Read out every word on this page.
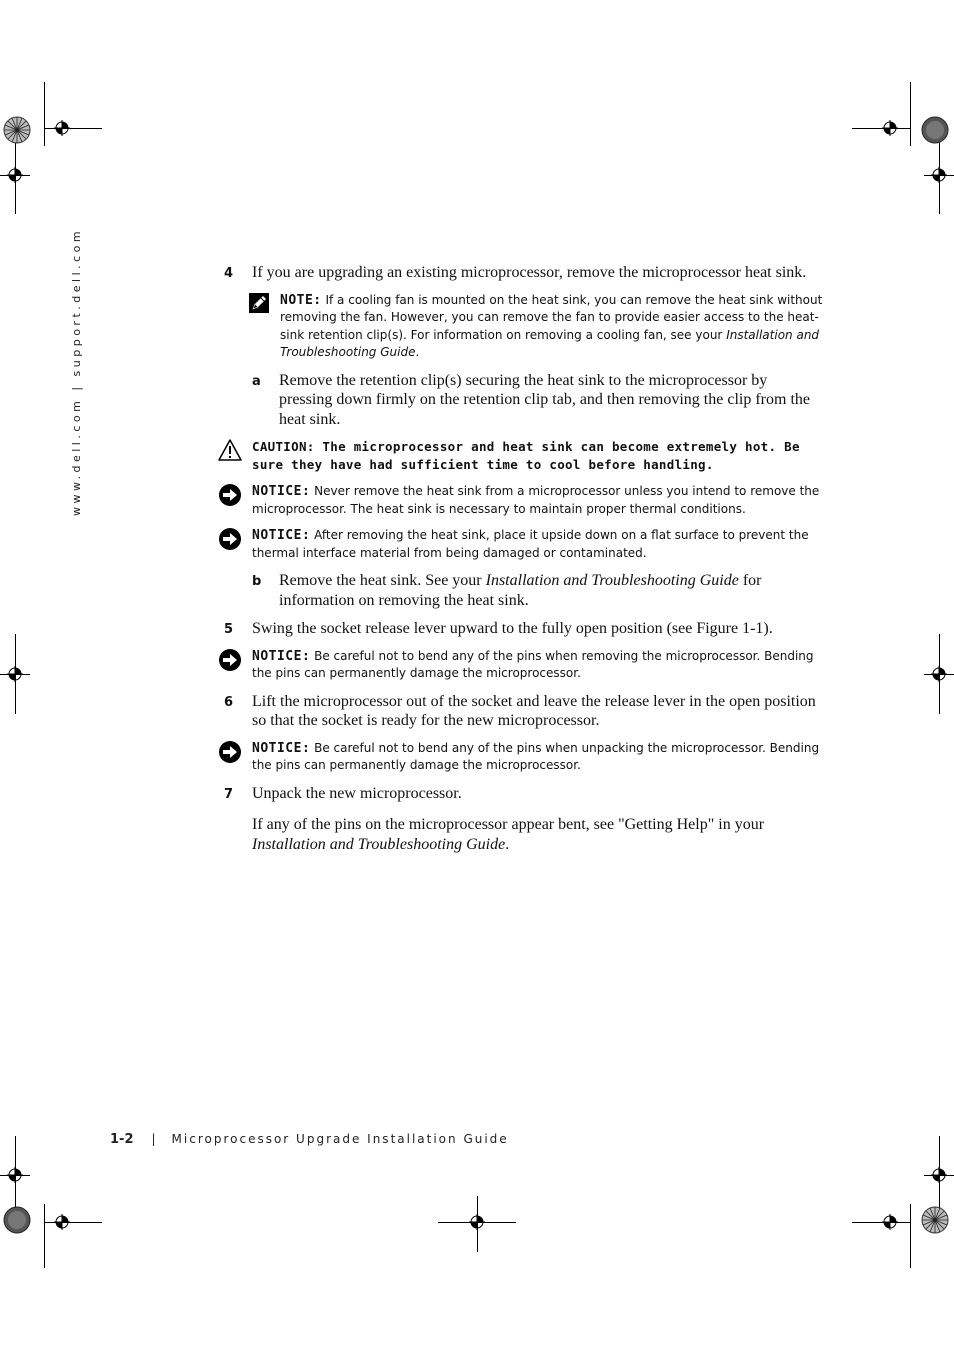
www.dell.com | support.dell.com	4 If you are upgrading an existing microprocessor, remove the microprocessor heat sink.
NOTE: If a cooling fan is mounted on the heat sink, you can remove the heat sink without removing the fan. However, you can remove the fan to provide easier access to the heat-sink retention clip(s). For information on removing a cooling fan, see your Installation and Troubleshooting Guide.
a Remove the retention clip(s) securing the heat sink to the microprocessor by pressing down firmly on the retention clip tab, and then removing the clip from the heat sink.
CAUTION: The microprocessor and heat sink can become extremely hot. Be sure they have had sufficient time to cool before handling.
NOTICE: Never remove the heat sink from a microprocessor unless you intend to remove the microprocessor. The heat sink is necessary to maintain proper thermal conditions.
NOTICE: After removing the heat sink, place it upside down on a flat surface to prevent the thermal interface material from being damaged or contaminated.
b Remove the heat sink. See your Installation and Troubleshooting Guide for information on removing the heat sink.
5 Swing the socket release lever upward to the fully open position (see Figure 1-1).
NOTICE: Be careful not to bend any of the pins when removing the microprocessor. Bending the pins can permanently damage the microprocessor.
6 Lift the microprocessor out of the socket and leave the release lever in the open position so that the socket is ready for the new microprocessor.
NOTICE: Be careful not to bend any of the pins when unpacking the microprocessor. Bending the pins can permanently damage the microprocessor.
7 Unpack the new microprocessor.
If any of the pins on the microprocessor appear bent, see "Getting Help" in your Installation and Troubleshooting Guide.
1-2 | Microprocessor Upgrade Installation Guide
